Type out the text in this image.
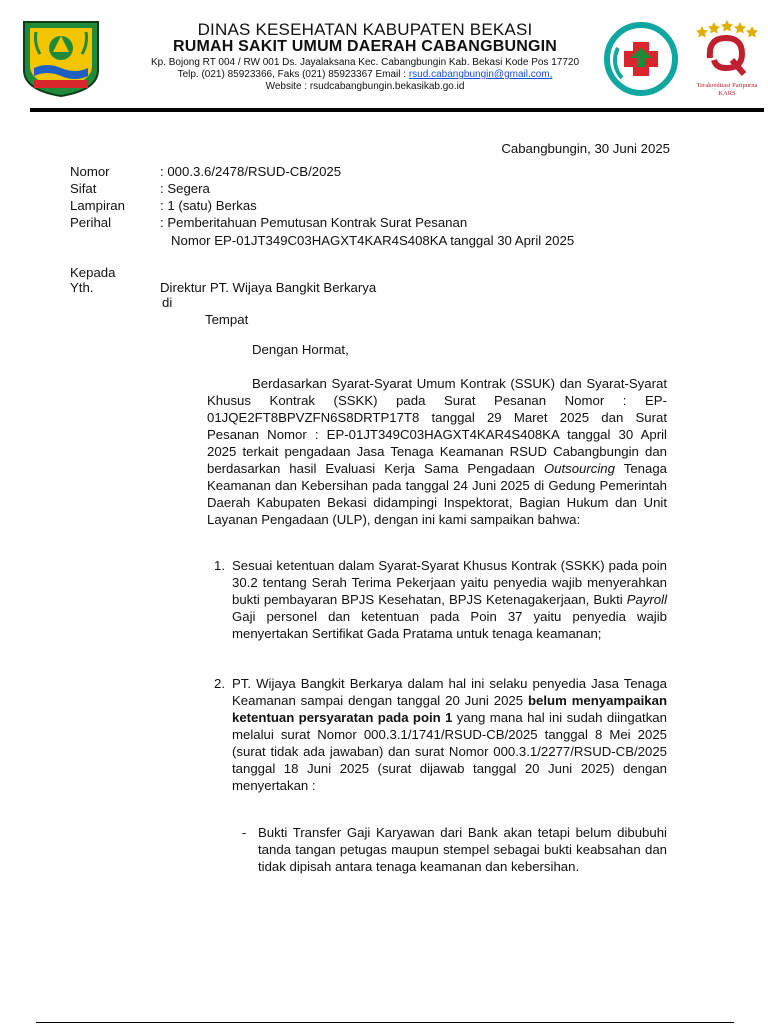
DINAS KESEHATAN KABUPATEN BEKASI
RUMAH SAKIT UMUM DAERAH CABANGBUNGIN
Kp. Bojong RT 004 / RW 001 Ds. Jayalaksana Kec. Cabangbungin Kab. Bekasi Kode Pos 17720
Telp. (021) 85923366, Faks (021) 85923367 Email : rsud.cabangbungin@gmail.com,
Website : rsudcabangbungin.bekasikab.go.id	Terakreditasi Paripurna
KARS
Cabangbungin, 30 Juni 2025
Nomor	: 000.3.6/2478/RSUD-CB/2025
Sifat	: Segera
Lampiran	: 1 (satu) Berkas
Perihal	: Pemberitahuan Pemutusan Kontrak Surat Pesanan
Nomor EP-01JT349C03HAGXT4KAR4S408KA tanggal 30 April 2025
Kepada
Yth.	Direktur PT. Wijaya Bangkit Berkarya
di
Tempat
Dengan Hormat,
Berdasarkan Syarat-Syarat Umum Kontrak (SSUK) dan Syarat-Syarat Khusus Kontrak (SSKK) pada Surat Pesanan Nomor : EP-01JQE2FT8BPVZFN6S8DRTP17T8 tanggal 29 Maret 2025 dan Surat Pesanan Nomor : EP-01JT349C03HAGXT4KAR4S408KA tanggal 30 April 2025 terkait pengadaan Jasa Tenaga Keamanan RSUD Cabangbungin dan berdasarkan hasil Evaluasi Kerja Sama Pengadaan Outsourcing Tenaga Keamanan dan Kebersihan pada tanggal 24 Juni 2025 di Gedung Pemerintah Daerah Kabupaten Bekasi didampingi Inspektorat, Bagian Hukum dan Unit Layanan Pengadaan (ULP), dengan ini kami sampaikan bahwa:
1. Sesuai ketentuan dalam Syarat-Syarat Khusus Kontrak (SSKK) pada poin 30.2 tentang Serah Terima Pekerjaan yaitu penyedia wajib menyerahkan bukti pembayaran BPJS Kesehatan, BPJS Ketenagakerjaan, Bukti Payroll Gaji personel dan ketentuan pada Poin 37 yaitu penyedia wajib menyertakan Sertifikat Gada Pratama untuk tenaga keamanan;
2. PT. Wijaya Bangkit Berkarya dalam hal ini selaku penyedia Jasa Tenaga Keamanan sampai dengan tanggal 20 Juni 2025 belum menyampaikan ketentuan persyaratan pada poin 1 yang mana hal ini sudah diingatkan melalui surat Nomor 000.3.1/1741/RSUD-CB/2025 tanggal 8 Mei 2025 (surat tidak ada jawaban) dan surat Nomor 000.3.1/2277/RSUD-CB/2025 tanggal 18 Juni 2025 (surat dijawab tanggal 20 Juni 2025) dengan menyertakan :
- Bukti Transfer Gaji Karyawan dari Bank akan tetapi belum dibubuhi tanda tangan petugas maupun stempel sebagai bukti keabsahan dan tidak dipisah antara tenaga keamanan dan kebersihan.
